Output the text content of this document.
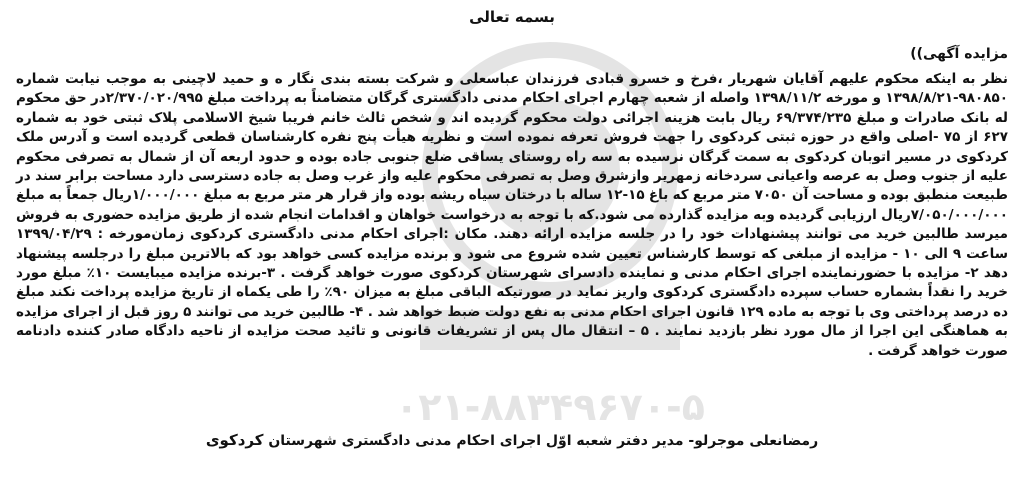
۰۲۱-۸۸۳۴۹۶۷۰-۵
بسمه تعالی
مزایده آگهی))
نظر به اینکه محکوم علیهم آقایان شهریار ،فرخ و خسرو قبادی فرزندان عباسعلی و شرکت بسته بندی نگار ه و حمید لاچینی به موجب نیابت شماره ۹۸۰۸۵۰-۱۳۹۸/۸/۲۱ و مورخه ۱۳۹۸/۱۱/۲ واصله از شعبه چهارم اجرای احکام مدنی دادگستری گرگان متضامناً به پرداخت مبلغ ۲/۳۷۰/۰۲۰/۹۹۵در حق محکوم له بانک صادرات و مبلغ ۶۹/۳۷۴/۲۳۵ ریال بابت هزینه اجرائی دولت محکوم گردیده اند و شخص ثالث خانم فریبا شیخ الاسلامی پلاک ثبتی خود به شماره ۶۲۷ از ۷۵ -اصلی واقع در حوزه ثبتی کردکوی را جهت فروش تعرفه نموده است و نظریه هیأت پنج نفره کارشناسان قطعی گردیده است و آدرس ملک کردکوی در مسیر اتوبان کردکوی به سمت گرگان نرسیده به سه راه روستای یساقی ضلع جنوبی جاده بوده و حدود اربعه آن از شمال به تصرفی محکوم علیه از جنوب وصل به عرصه واعیانی سردخانه زمهریر وازشرق وصل به تصرفی محکوم علیه واز غرب وصل به جاده دسترسی دارد مساحت برابر سند در طبیعت منطبق بوده و مساحت آن ۷۰۵۰ متر مربع که باغ ۱۵-۱۲ ساله با درختان سیاه ریشه بوده واز قرار هر متر مربع به مبلغ ۱/۰۰۰/۰۰۰ریال جمعاً به مبلغ ۷/۰۵۰/۰۰۰/۰۰۰ریال ارزیابی گردیده وبه مزایده گذارده می شود.که با توجه به درخواست خواهان و اقدامات انجام شده از طریق مزایده حضوری به فروش میرسد طالبین خرید می توانند پیشنهادات خود را در جلسه مزایده ارائه دهند. مکان :اجرای احکام مدنی دادگستری کردکوی زمان‌مورخه : ۱۳۹۹/۰۴/۲۹ ساعت ۹ الی ۱۰ - مزایده از مبلغی که توسط کارشناس تعیین شده شروع می شود و برنده مزایده کسی خواهد بود که بالاترین مبلغ را درجلسه پیشنهاد دهد ۲- مزایده با حضورنماینده اجرای احکام مدنی و نماینده دادسرای شهرستان کردکوی صورت خواهد گرفت . ۳-برنده مزایده میبایست ۱۰٪ مبلغ مورد خرید را نقداً بشماره حساب سپرده دادگستری کردکوی واریز نماید در صورتیکه الباقی مبلغ به میزان ۹۰٪ را طی یکماه از تاریخ مزایده پرداخت نکند مبلغ ده درصد پرداختی وی با توجه به ماده ۱۲۹ قانون اجرای احکام مدنی به نفع دولت ضبط خواهد شد . ۴- طالبین خرید می توانند ۵ روز قبل از اجرای مزایده به هماهنگی این اجرا از مال مورد نظر بازدید نمایند . ۵ – انتقال مال پس از تشریفات قانونی و تائید صحت مزایده از ناحیه دادگاه صادر کننده دادنامه صورت خواهد گرفت .
رمضانعلی موجرلو- مدیر دفتر شعبه اوّل اجرای احکام مدنی دادگستری شهرستان کردکوی
